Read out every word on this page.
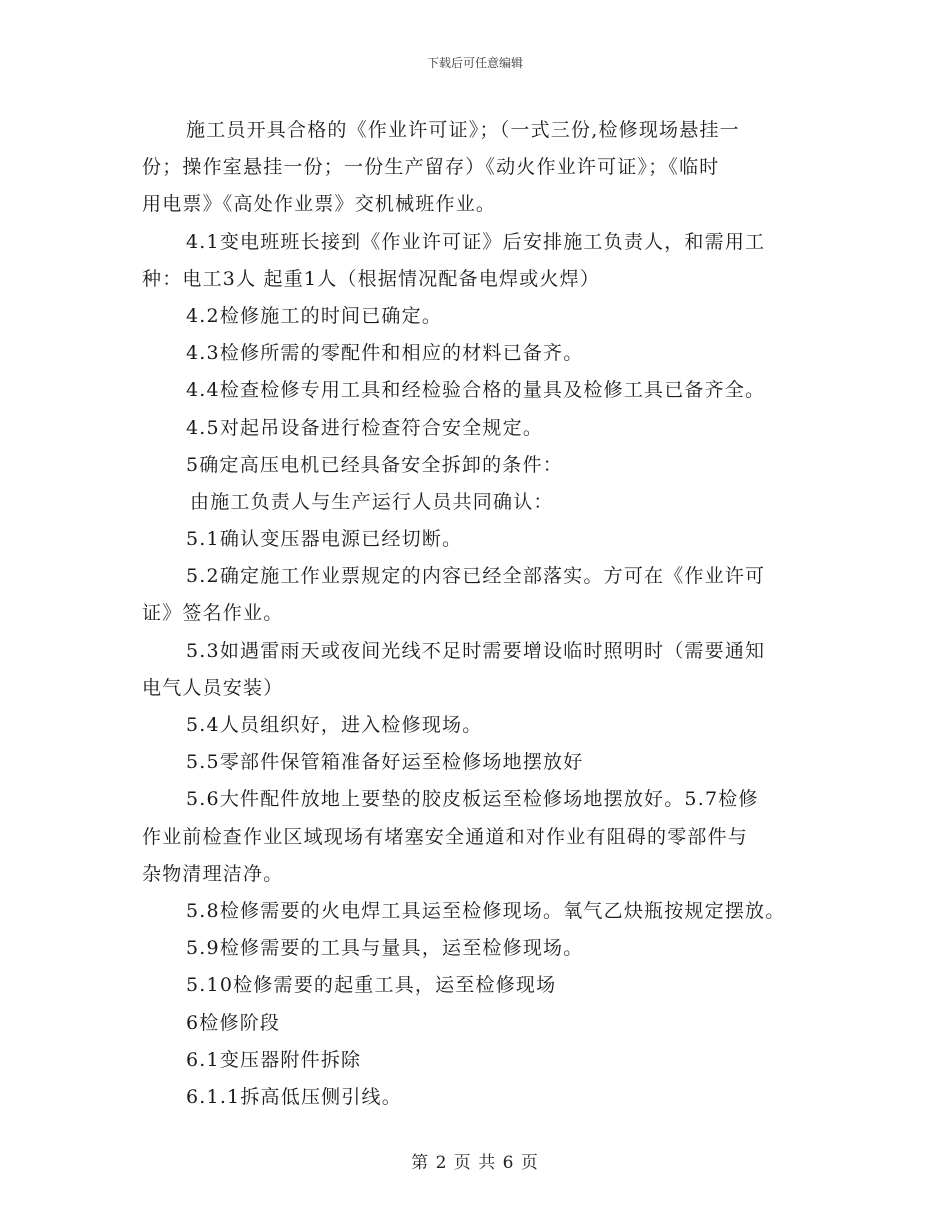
下载后可任意编辑
施工员开具合格的《作业许可证》；（一式三份,检修现场悬挂一
份；操作室悬挂一份；一份生产留存）《动火作业许可证》；《临时
用电票》《高处作业票》交机械班作业。
4.1变电班班长接到《作业许可证》后安排施工负责人，和需用工
种：电工3人 起重1人（根据情况配备电焊或火焊）
4.2检修施工的时间已确定。
4.3检修所需的零配件和相应的材料已备齐。
4.4检查检修专用工具和经检验合格的量具及检修工具已备齐全。
4.5对起吊设备进行检查符合安全规定。
5确定高压电机已经具备安全拆卸的条件：
由施工负责人与生产运行人员共同确认：
5.1确认变压器电源已经切断。
5.2确定施工作业票规定的内容已经全部落实。方可在《作业许可
证》签名作业。
5.3如遇雷雨天或夜间光线不足时需要增设临时照明时（需要通知
电气人员安装）
5.4人员组织好，进入检修现场。
5.5零部件保管箱准备好运至检修场地摆放好
5.6大件配件放地上要垫的胶皮板运至检修场地摆放好。5.7检修
作业前检查作业区域现场有堵塞安全通道和对作业有阻碍的零部件与
杂物清理洁净。
5.8检修需要的火电焊工具运至检修现场。氧气乙炔瓶按规定摆放。
5.9检修需要的工具与量具，运至检修现场。
5.10检修需要的起重工具，运至检修现场
6检修阶段
6.1变压器附件拆除
6.1.1拆高低压侧引线。
第 2 页 共 6 页
